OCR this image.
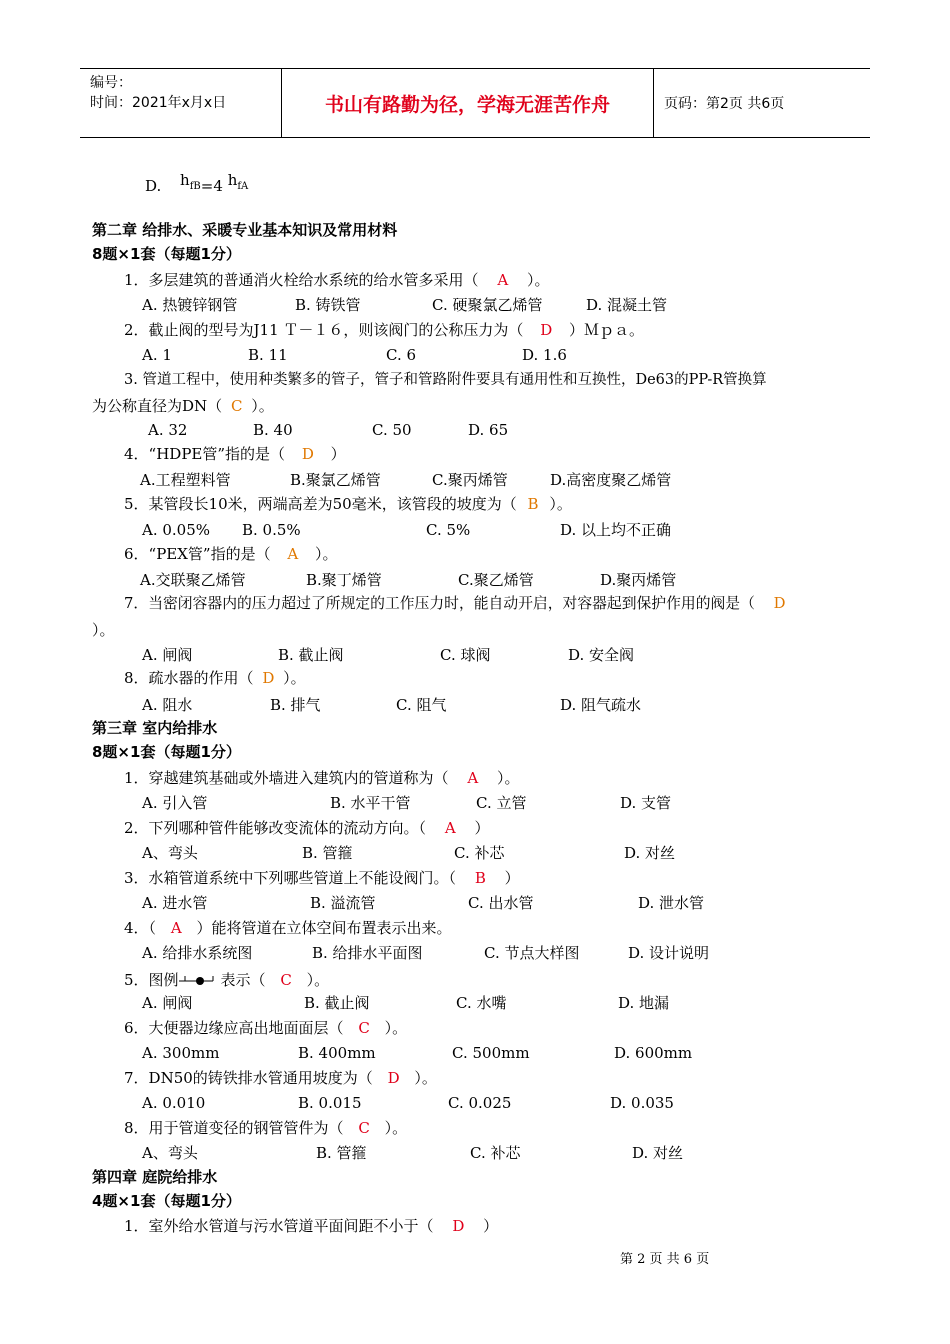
编号：
时间：2021年x月x日	书山有路勤为径，学海无涯苦作舟	页码：第2页 共6页
D. hfB=4 hfA
第二章 给排水、采暖专业基本知识及常用材料
8题×1套（每题1分）
1．多层建筑的普通消火栓给水系统的给水管多采用（ A ）。
A. 热镀锌钢管	B. 铸铁管	C. 硬聚氯乙烯管	D. 混凝土管
2．截止阀的型号为J11 Ｔ－１６，则该阀门的公称压力为（ D ）Ｍｐａ。
A. 1	B. 11	C. 6	D. 1.6
3. 管道工程中，使用种类繁多的管子，管子和管路附件要具有通用性和互换性，De63的PP-R管换算
为公称直径为DN（ C ）。
A. 32	B. 40	C. 50	D. 65
4．“HDPE管”指的是（ D ）
A.工程塑料管	B.聚氯乙烯管	C.聚丙烯管	D.高密度聚乙烯管
5．某管段长10米，两端高差为50毫米，该管段的坡度为（ B ）。
A. 0.05% B. 0.5%	C. 5%	D. 以上均不正确
6．“PEX管”指的是（ A ）。
A.交联聚乙烯管	B.聚丁烯管	C.聚乙烯管	D.聚丙烯管
7．当密闭容器内的压力超过了所规定的工作压力时，能自动开启，对容器起到保护作用的阀是（ D
）。
A. 闸阀	B. 截止阀	C. 球阀	D. 安全阀
8．疏水器的作用（ D ）。
A. 阻水	B. 排气	C. 阻气	D. 阻气疏水
第三章 室内给排水
8题×1套（每题1分）
1．穿越建筑基础或外墙进入建筑内的管道称为（ A ）。
A. 引入管	B. 水平干管	C. 立管	D. 支管
2．下列哪种管件能够改变流体的流动方向。（ A ）
A、弯头	B. 管箍	C. 补芯	D. 对丝
3．水箱管道系统中下列哪些管道上不能设阀门。（ B ）
A. 进水管	B. 溢流管	C. 出水管	D. 泄水管
4．（ A ）能将管道在立体空间布置表示出来。
A. 给排水系统图	B. 给排水平面图	C. 节点大样图	D. 设计说明
5．图例	表示（ C ）。
A. 闸阀	B. 截止阀	C. 水嘴	D. 地漏
6．大便器边缘应高出地面面层（ C ）。
A. 300mm	B. 400mm	C. 500mm	D. 600mm
7．DN50的铸铁排水管通用坡度为（ D ）。
A. 0.010	B. 0.015	C. 0.025	D. 0.035
8．用于管道变径的钢管管件为（ C ）。
A、弯头	B. 管箍	C. 补芯	D. 对丝
第四章 庭院给排水
4题×1套（每题1分）
1．室外给水管道与污水管道平面间距不小于（ D ）
第 2 页 共 6 页
